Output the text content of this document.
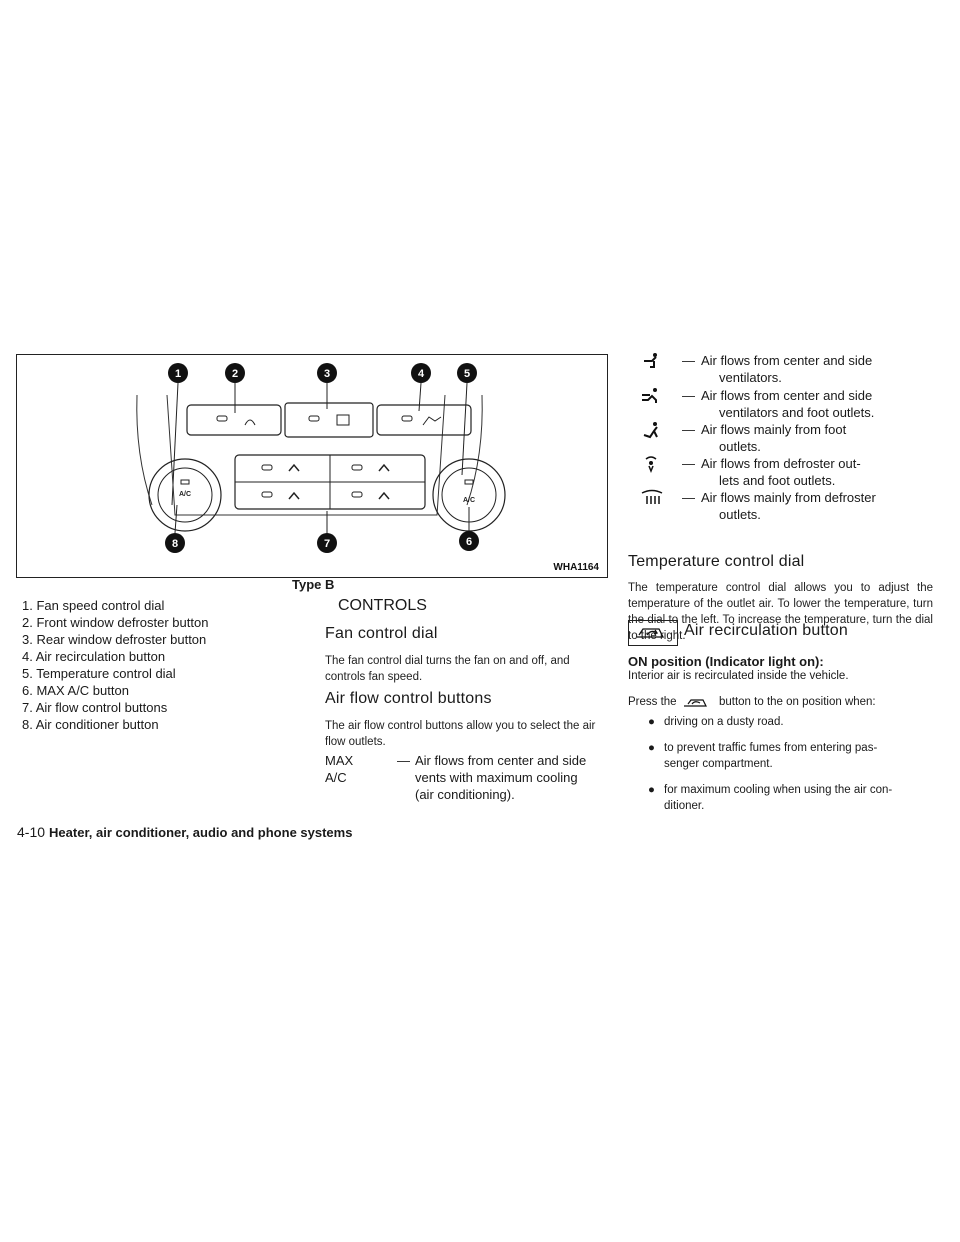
A/C
A/C
1	2	3	4	5
6
7
8
WHA1164
Type B
1. Fan speed control dial
2. Front window defroster button
3. Rear window defroster button
4. Air recirculation button
5. Temperature control dial
6. MAX A/C button
7. Air flow control buttons
8. Air conditioner button
CONTROLS
Fan control dial

The fan control dial turns the fan on and off, and controls fan speed.

Air flow control buttons

The air flow control buttons allow you to select the air flow outlets.

MAX
A/C
— Air flows from center and side
vents with maximum cooling
(air conditioning).
— Air flows from center and side
ventilators.
— Air flows from center and side
ventilators and foot outlets.
— Air flows mainly from foot
outlets.
— Air flows from defroster out-
lets and foot outlets.
— Air flows mainly from defroster
outlets.
Temperature control dial

The temperature control dial allows you to adjust the temperature of the outlet air. To lower the temperature, turn the dial to the left. To increase the temperature, turn the dial to the right.

Air recirculation button
ON position (Indicator light on):
Interior air is recirculated inside the vehicle.
Press the	button to the on position when:
● driving on a dusty road.
● to prevent traffic fumes from entering pas-
senger compartment.
● for maximum cooling when using the air con-
ditioner.
4-10 Heater, air conditioner, audio and phone systems
